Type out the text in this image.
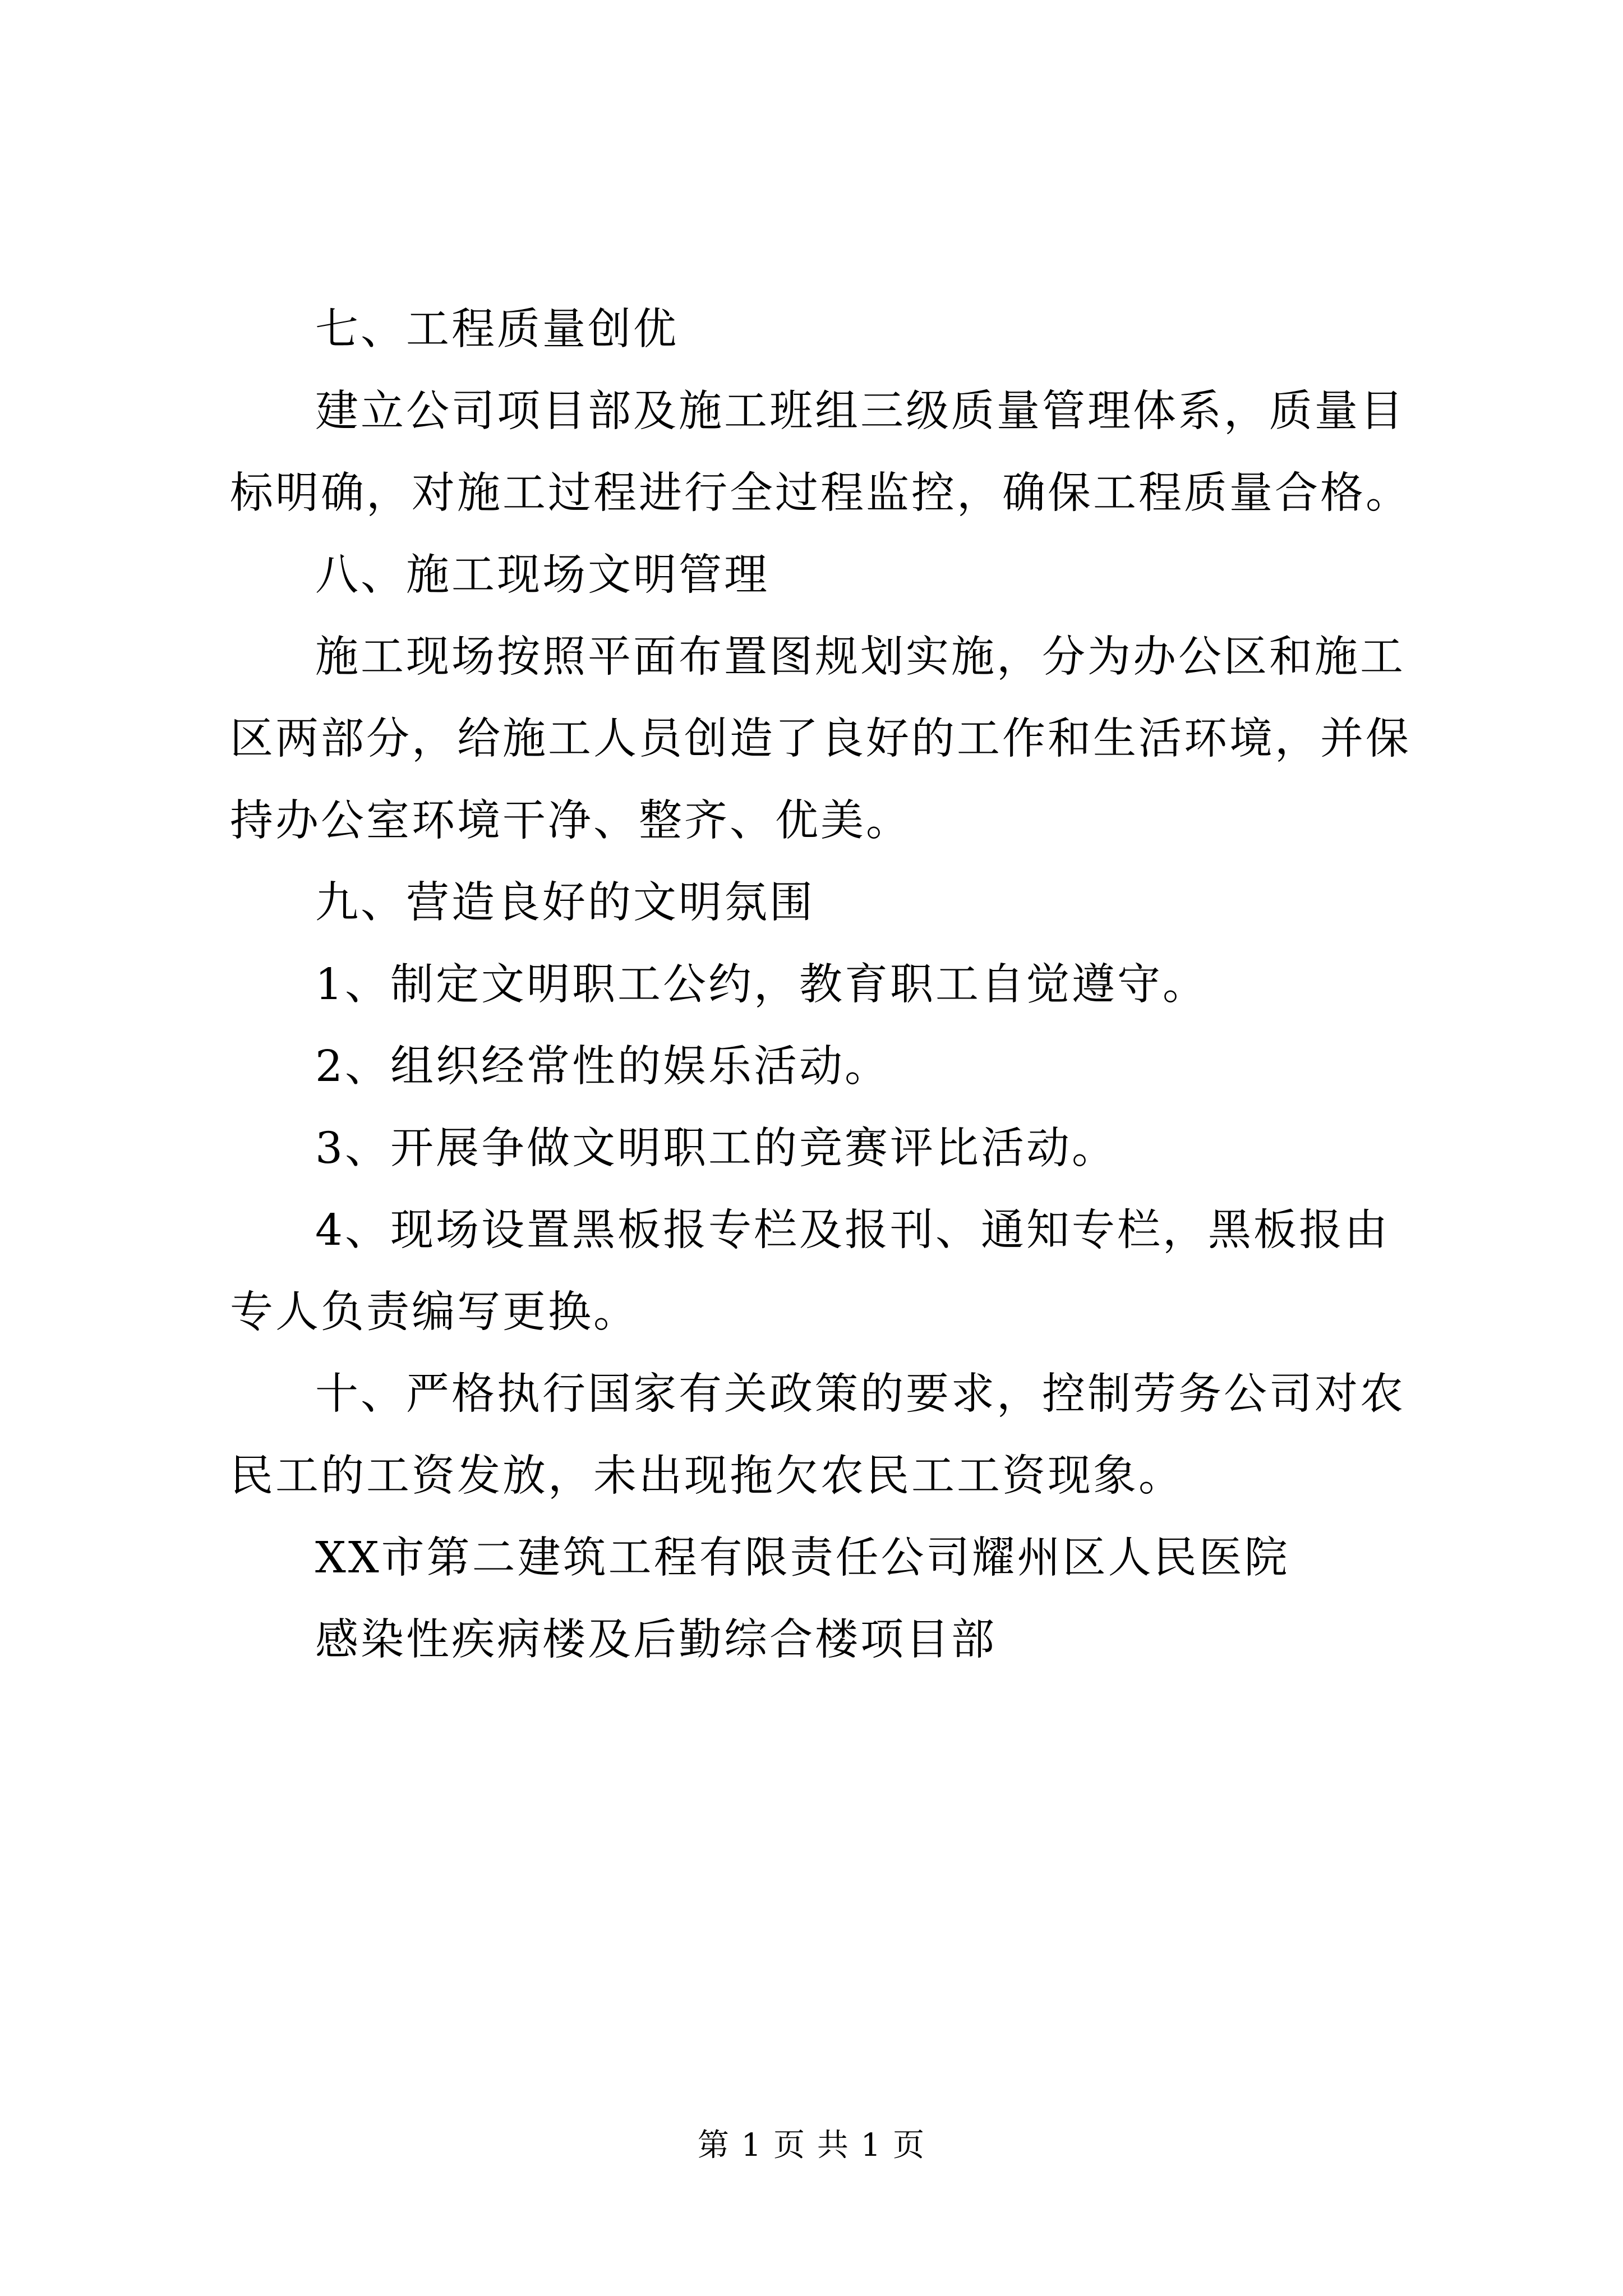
七、工程质量创优

建立公司项目部及施工班组三级质量管理体系，质量目标明确，对施工过程进行全过程监控，确保工程质量合格。

八、施工现场文明管理

施工现场按照平面布置图规划实施，分为办公区和施工区两部分，给施工人员创造了良好的工作和生活环境，并保持办公室环境干净、整齐、优美。

九、营造良好的文明氛围

1、制定文明职工公约，教育职工自觉遵守。

2、组织经常性的娱乐活动。

3、开展争做文明职工的竞赛评比活动。

4、现场设置黑板报专栏及报刊、通知专栏，黑板报由专人负责编写更换。

十、严格执行国家有关政策的要求，控制劳务公司对农民工的工资发放，未出现拖欠农民工工资现象。

XX市第二建筑工程有限责任公司耀州区人民医院

感染性疾病楼及后勤综合楼项目部

第 1 页 共 1 页
